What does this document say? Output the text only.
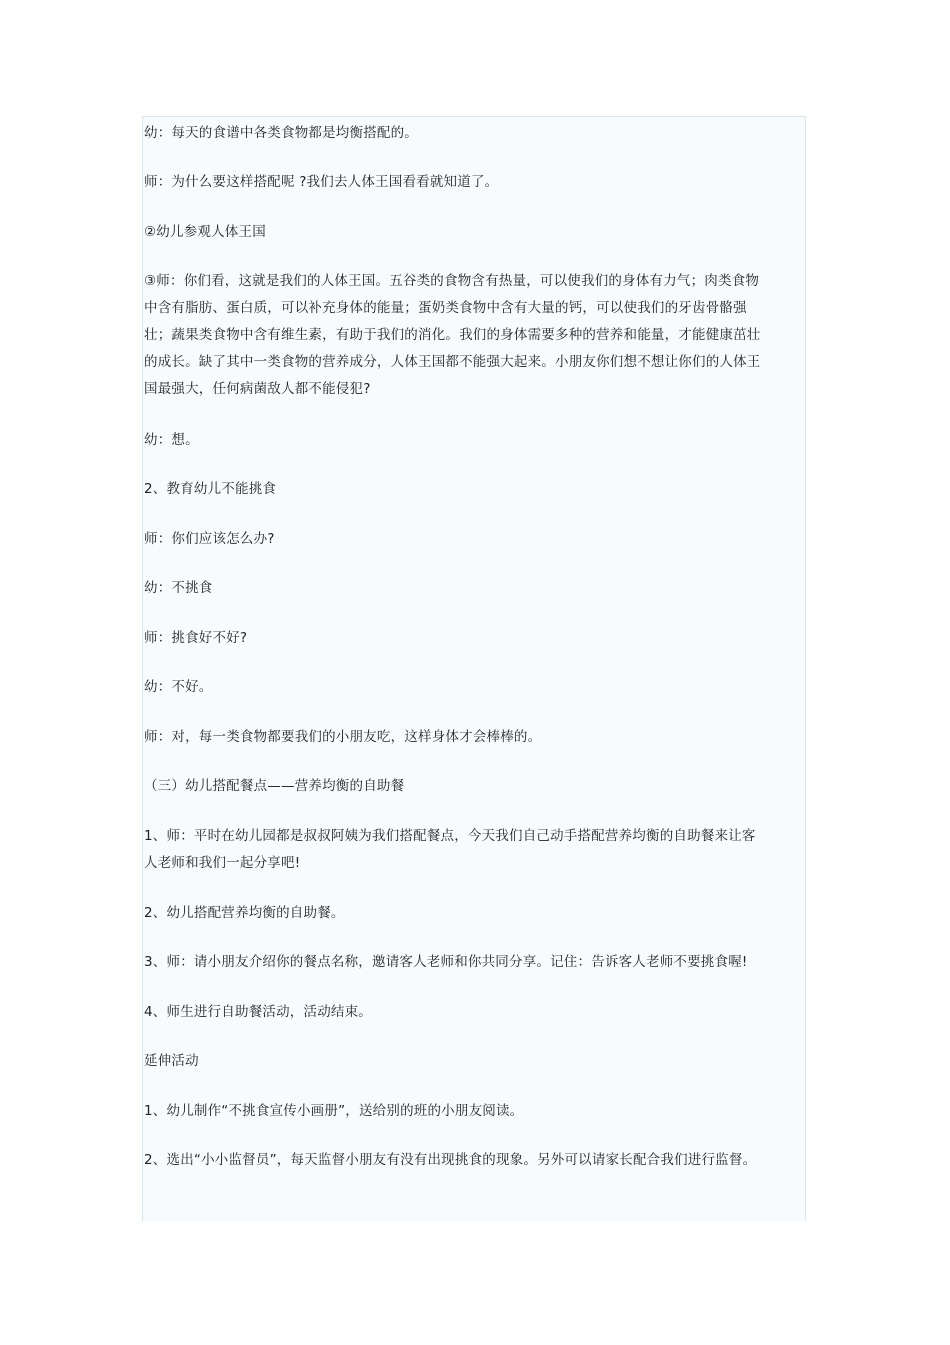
幼：每天的食谱中各类食物都是均衡搭配的。

师：为什么要这样搭配呢 ?我们去人体王国看看就知道了。

②幼儿参观人体王国

③师：你们看，这就是我们的人体王国。五谷类的食物含有热量，可以使我们的身体有力气；肉类食物中含有脂肪、蛋白质，可以补充身体的能量；蛋奶类食物中含有大量的钙，可以使我们的牙齿骨骼强壮；蔬果类食物中含有维生素，有助于我们的消化。我们的身体需要多种的营养和能量，才能健康茁壮的成长。缺了其中一类食物的营养成分，人体王国都不能强大起来。小朋友你们想不想让你们的人体王国最强大，任何病菌敌人都不能侵犯?

幼：想。

2、教育幼儿不能挑食

师：你们应该怎么办?

幼：不挑食

师：挑食好不好?

幼：不好。

师：对，每一类食物都要我们的小朋友吃，这样身体才会棒棒的。

（三）幼儿搭配餐点——营养均衡的自助餐

1、师：平时在幼儿园都是叔叔阿姨为我们搭配餐点，今天我们自己动手搭配营养均衡的自助餐来让客人老师和我们一起分享吧!

2、幼儿搭配营养均衡的自助餐。

3、师：请小朋友介绍你的餐点名称，邀请客人老师和你共同分享。记住：告诉客人老师不要挑食喔!

4、师生进行自助餐活动，活动结束。

延伸活动

1、幼儿制作“不挑食宣传小画册”，送给别的班的小朋友阅读。

2、选出“小小监督员”，每天监督小朋友有没有出现挑食的现象。另外可以请家长配合我们进行监督。
